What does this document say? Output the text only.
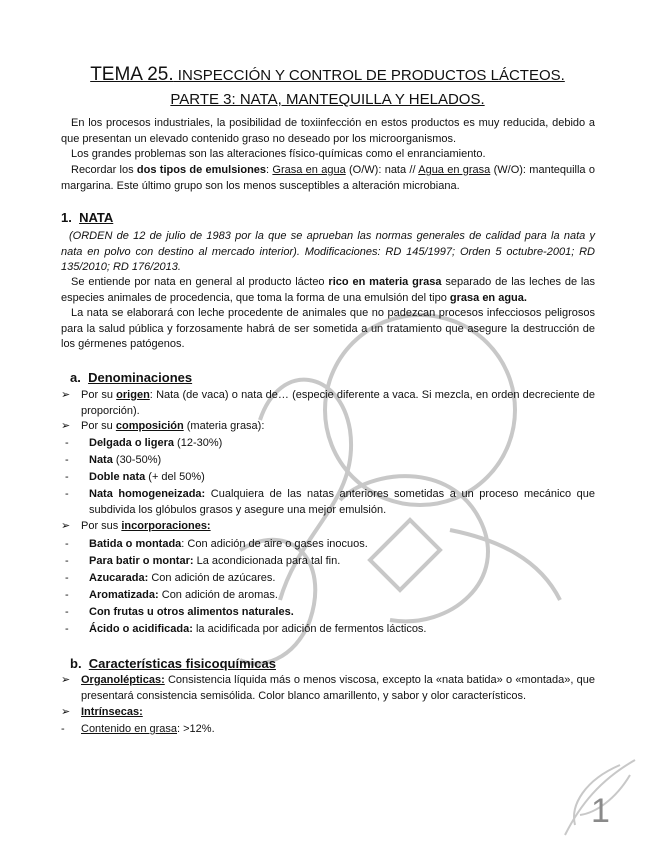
TEMA 25. INSPECCIÓN Y CONTROL DE PRODUCTOS LÁCTEOS.
PARTE 3: NATA, MANTEQUILLA Y HELADOS.

En los procesos industriales, la posibilidad de toxiinfección en estos productos es muy reducida, debido a que presentan un elevado contenido graso no deseado por los microorganismos.

Los grandes problemas son las alteraciones físico-químicas como el enranciamiento.

Recordar los dos tipos de emulsiones: Grasa en agua (O/W): nata // Agua en grasa (W/O): mantequilla o margarina. Este último grupo son los menos susceptibles a alteración microbiana.

1. NATA

(ORDEN de 12 de julio de 1983 por la que se aprueban las normas generales de calidad para la nata y nata en polvo con destino al mercado interior). Modificaciones: RD 145/1997; Orden 5 octubre-2001; RD 135/2010; RD 176/2013.

Se entiende por nata en general al producto lácteo rico en materia grasa separado de las leches de las especies animales de procedencia, que toma la forma de una emulsión del tipo grasa en agua.

La nata se elaborará con leche procedente de animales que no padezcan procesos infecciosos peligrosos para la salud pública y forzosamente habrá de ser sometida a un tratamiento que asegure la destrucción de los gérmenes patógenos.

a. Denominaciones
➢ Por su origen: Nata (de vaca) o nata de… (especie diferente a vaca. Si mezcla, en orden decreciente de proporción).
➢ Por su composición (materia grasa):
- Delgada o ligera (12-30%)
- Nata (30-50%)
- Doble nata (+ del 50%)
- Nata homogeneizada: Cualquiera de las natas anteriores sometidas a un proceso mecánico que subdivida los glóbulos grasos y asegure una mejor emulsión.
➢ Por sus incorporaciones:
- Batida o montada: Con adición de aire o gases inocuos.
- Para batir o montar: La acondicionada para tal fin.
- Azucarada: Con adición de azúcares.
- Aromatizada: Con adición de aromas.
- Con frutas u otros alimentos naturales.
- Ácido o acidificada: la acidificada por adición de fermentos lácticos.
b. Características fisicoquímicas
➢ Organolépticas: Consistencia líquida más o menos viscosa, excepto la «nata batida» o «montada», que presentará consistencia semisólida. Color blanco amarillento, y sabor y olor característicos.
➢ Intrínsecas:
- Contenido en grasa: >12%.
1
